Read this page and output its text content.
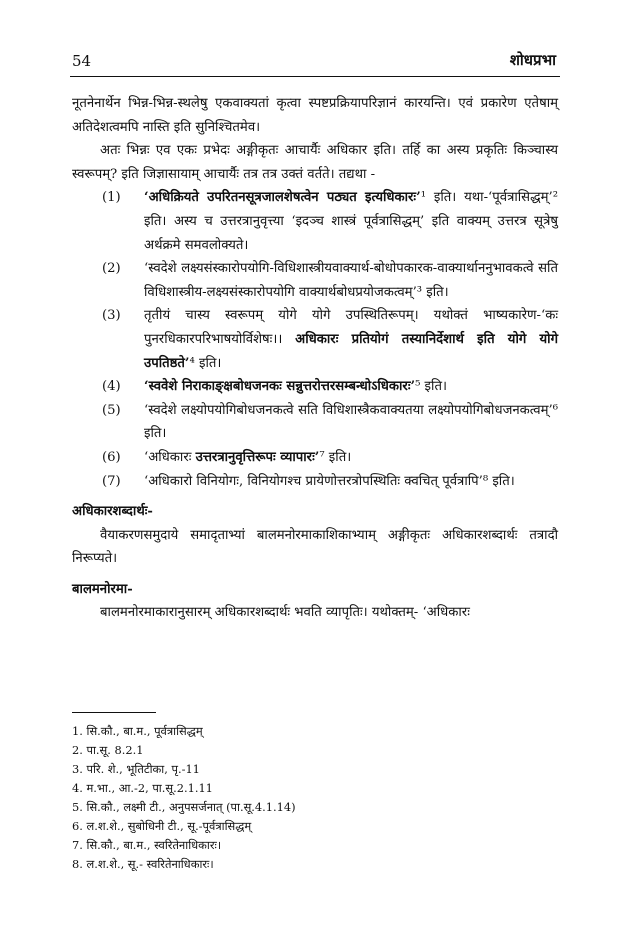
54	शोधप्रभा

नूतनेनार्थेन भिन्न-भिन्न-स्थलेषु एकवाक्यतां कृत्वा स्पष्टप्रक्रियापरिज्ञानं कारयन्ति। एवं प्रकारेण एतेषाम् अतिदेशत्वमपि नास्ति इति सुनिश्चितमेव।

अतः भिन्नः एव एकः प्रभेदः अङ्गीकृतः आचार्यैः अधिकार इति। तर्हि का अस्य प्रकृतिः किञ्चास्य स्वरूपम्? इति जिज्ञासायाम् आचार्यैः तत्र तत्र उक्तं वर्तते। तद्यथा -

(1) ‘अधिक्रियते उपरितनसूत्रजालशेषत्वेन पठ्यत इत्यधिकारः’¹ इति। यथा-‘पूर्वत्रासिद्धम्’² इति। अस्य च उत्तरत्रानुवृत्त्या ‘इदञ्च शास्त्रं पूर्वत्रासिद्धम्’ इति वाक्यम् उत्तरत्र सूत्रेषु अर्थक्रमे समवलोक्यते।
(2) ‘स्वदेशे लक्ष्यसंस्कारोपयोगि-विधिशास्त्रीयवाक्यार्थ-बोधोपकारक-वाक्यार्थाननुभावकत्वे सति विधिशास्त्रीय-लक्ष्यसंस्कारोपयोगि वाक्यार्थबोधप्रयोजकत्वम्’³ इति।
(3) तृतीयं चास्य स्वरूपम् योगे योगे उपस्थितिरूपम्। यथोक्तं भाष्यकारेण-‘कः पुनरधिकारपरिभाषयोर्विशेषः।। अधिकारः प्रतियोगं तस्यानिर्देशार्थ इति योगे योगे उपतिष्ठते’⁴ इति।
(4) ‘स्ववेशे निराकाङ्क्षबोधजनकः सन्नुत्तरोत्तरसम्बन्धोऽधिकारः’⁵ इति।
(5) ‘स्वदेशे लक्ष्योपयोगिबोधजनकत्वे सति विधिशास्त्रैकवाक्यतया लक्ष्योपयोगिबोधजनकत्वम्’⁶ इति।
(6) ‘अधिकारः उत्तरत्रानुवृत्तिरूपः व्यापारः’⁷ इति।
(7) ‘अधिकारो विनियोगः, विनियोगश्च प्रायेणोत्तरत्रोपस्थितिः क्वचित् पूर्वत्रापि’⁸ इति।
अधिकारशब्दार्थः-

वैयाकरणसमुदाये समादृताभ्यां बालमनोरमाकाशिकाभ्याम् अङ्गीकृतः अधिकारशब्दार्थः तत्रादौ निरूप्यते।

बालमनोरमा-

बालमनोरमाकारानुसारम् अधिकारशब्दार्थः भवति व्यापृतिः। यथोक्तम्- ‘अधिकारः

1. सि.कौ., बा.म., पूर्वत्रासिद्धम्
2. पा.सू. 8.2.1
3. परि. शे., भूतिटीका, पृ.-11
4. म.भा., आ.-2, पा.सू.2.1.11
5. सि.कौ., लक्ष्मी टी., अनुपसर्जनात् (पा.सू.4.1.14)
6. ल.श.शे., सुबोधिनी टी., सू.-पूर्वत्रासिद्धम्
7. सि.कौ., बा.म., स्वरितेनाधिकारः।
8. ल.श.शे., सू.- स्वरितेनाधिकारः।
